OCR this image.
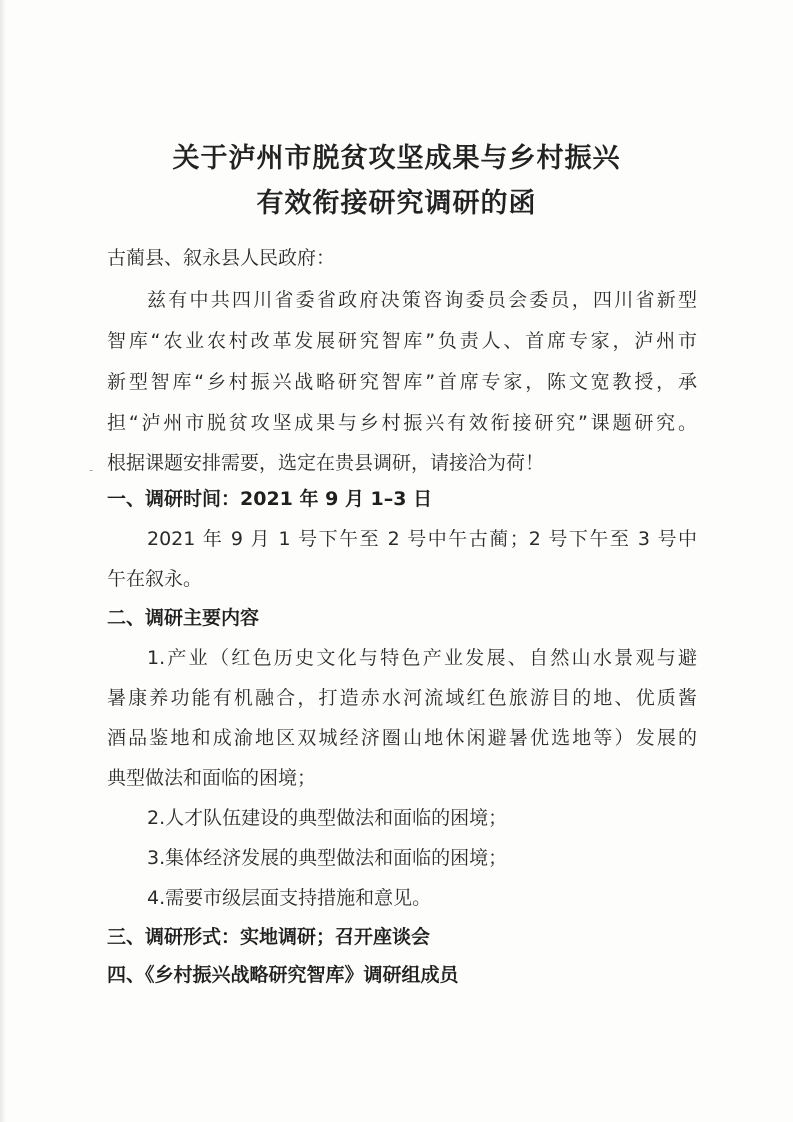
关于泸州市脱贫攻坚成果与乡村振兴
有效衔接研究调研的函
古蔺县、叙永县人民政府：
兹有中共四川省委省政府决策咨询委员会委员，四川省新型
智库“农业农村改革发展研究智库”负责人、首席专家，泸州市
新型智库“乡村振兴战略研究智库”首席专家，陈文宽教授，承
担“泸州市脱贫攻坚成果与乡村振兴有效衔接研究”课题研究。
根据课题安排需要，选定在贵县调研，请接洽为荷！
-
一、调研时间：2021 年 9 月 1–3 日
2021 年 9 月 1 号下午至 2 号中午古蔺；2 号下午至 3 号中
午在叙永。
二、调研主要内容
1.产业（红色历史文化与特色产业发展、自然山水景观与避
暑康养功能有机融合，打造赤水河流域红色旅游目的地、优质酱
酒品鉴地和成渝地区双城经济圈山地休闲避暑优选地等）发展的
典型做法和面临的困境；
2.人才队伍建设的典型做法和面临的困境；
3.集体经济发展的典型做法和面临的困境；
4.需要市级层面支持措施和意见。
三、调研形式：实地调研；召开座谈会
四、《乡村振兴战略研究智库》调研组成员
